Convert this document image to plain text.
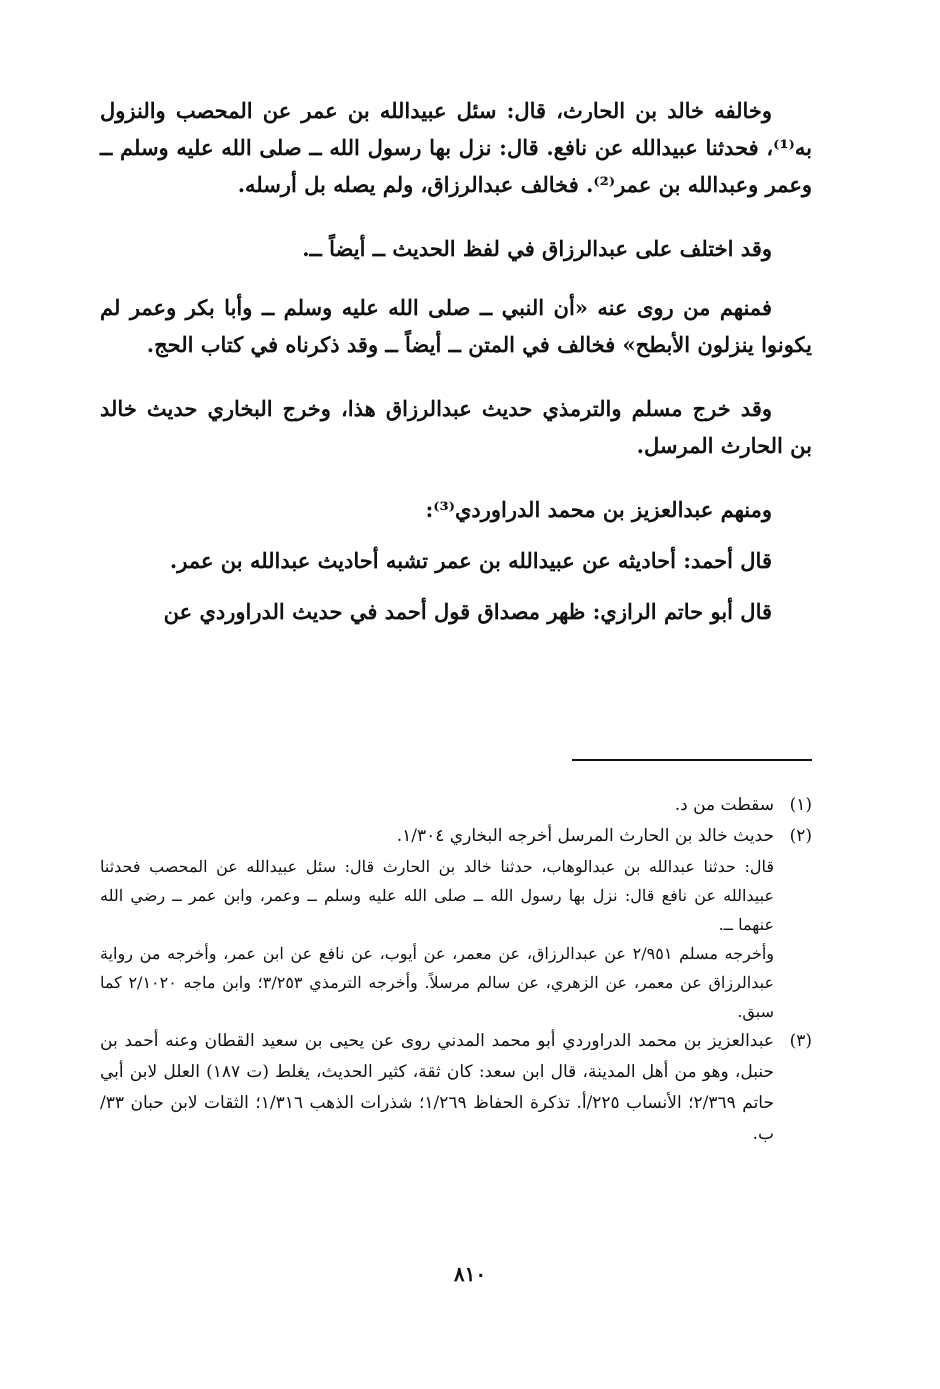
وخالفه خالد بن الحارث، قال: سئل عبيدالله بن عمر عن المحصب والنزول به⁽¹⁾، فحدثنا عبيدالله عن نافع. قال: نزل بها رسول الله ــ صلى الله عليه وسلم ــ وعمر وعبدالله بن عمر⁽²⁾. فخالف عبدالرزاق، ولم يصله بل أرسله.

وقد اختلف على عبدالرزاق في لفظ الحديث ــ أيضاً ــ.

فمنهم من روى عنه «أن النبي ــ صلى الله عليه وسلم ــ وأبا بكر وعمر لم يكونوا ينزلون الأبطح» فخالف في المتن ــ أيضاً ــ وقد ذكرناه في كتاب الحج.

وقد خرج مسلم والترمذي حديث عبدالرزاق هذا، وخرج البخاري حديث خالد بن الحارث المرسل.

ومنهم عبدالعزيز بن محمد الدراوردي⁽³⁾:

قال أحمد: أحاديثه عن عبيدالله بن عمر تشبه أحاديث عبدالله بن عمر.

قال أبو حاتم الرازي: ظهر مصداق قول أحمد في حديث الدراوردي عن

(١)
سقطت من د.
(٢)
حديث خالد بن الحارث المرسل أخرجه البخاري ١/٣٠٤.

قال: حدثنا عبدالله بن عبدالوهاب، حدثنا خالد بن الحارث قال: سئل عبيدالله عن المحصب فحدثنا عبيدالله عن نافع قال: نزل بها رسول الله ــ صلى الله عليه وسلم ــ وعمر، وابن عمر ــ رضي الله عنهما ــ.

وأخرجه مسلم ٢/٩٥١ عن عبدالرزاق، عن معمر، عن أيوب، عن نافع عن ابن عمر، وأخرجه من رواية عبدالرزاق عن معمر، عن الزهري، عن سالم مرسلاً. وأخرجه الترمذي ٣/٢٥٣؛ وابن ماجه ٢/١٠٢٠ كما سبق.

(٣)
عبدالعزيز بن محمد الدراوردي أبو محمد المدني روى عن يحيى بن سعيد القطان وعنه أحمد بن حنبل، وهو من أهل المدينة، قال ابن سعد: كان ثقة، كثير الحديث، يغلط (ت ١٨٧) العلل لابن أبي حاتم ٢/٣٦٩؛ الأنساب ٢٢٥/أ. تذكرة الحفاظ ١/٢٦٩؛ شذرات الذهب ١/٣١٦؛ الثقات لابن حبان ٣٣/ب.
٨١٠
